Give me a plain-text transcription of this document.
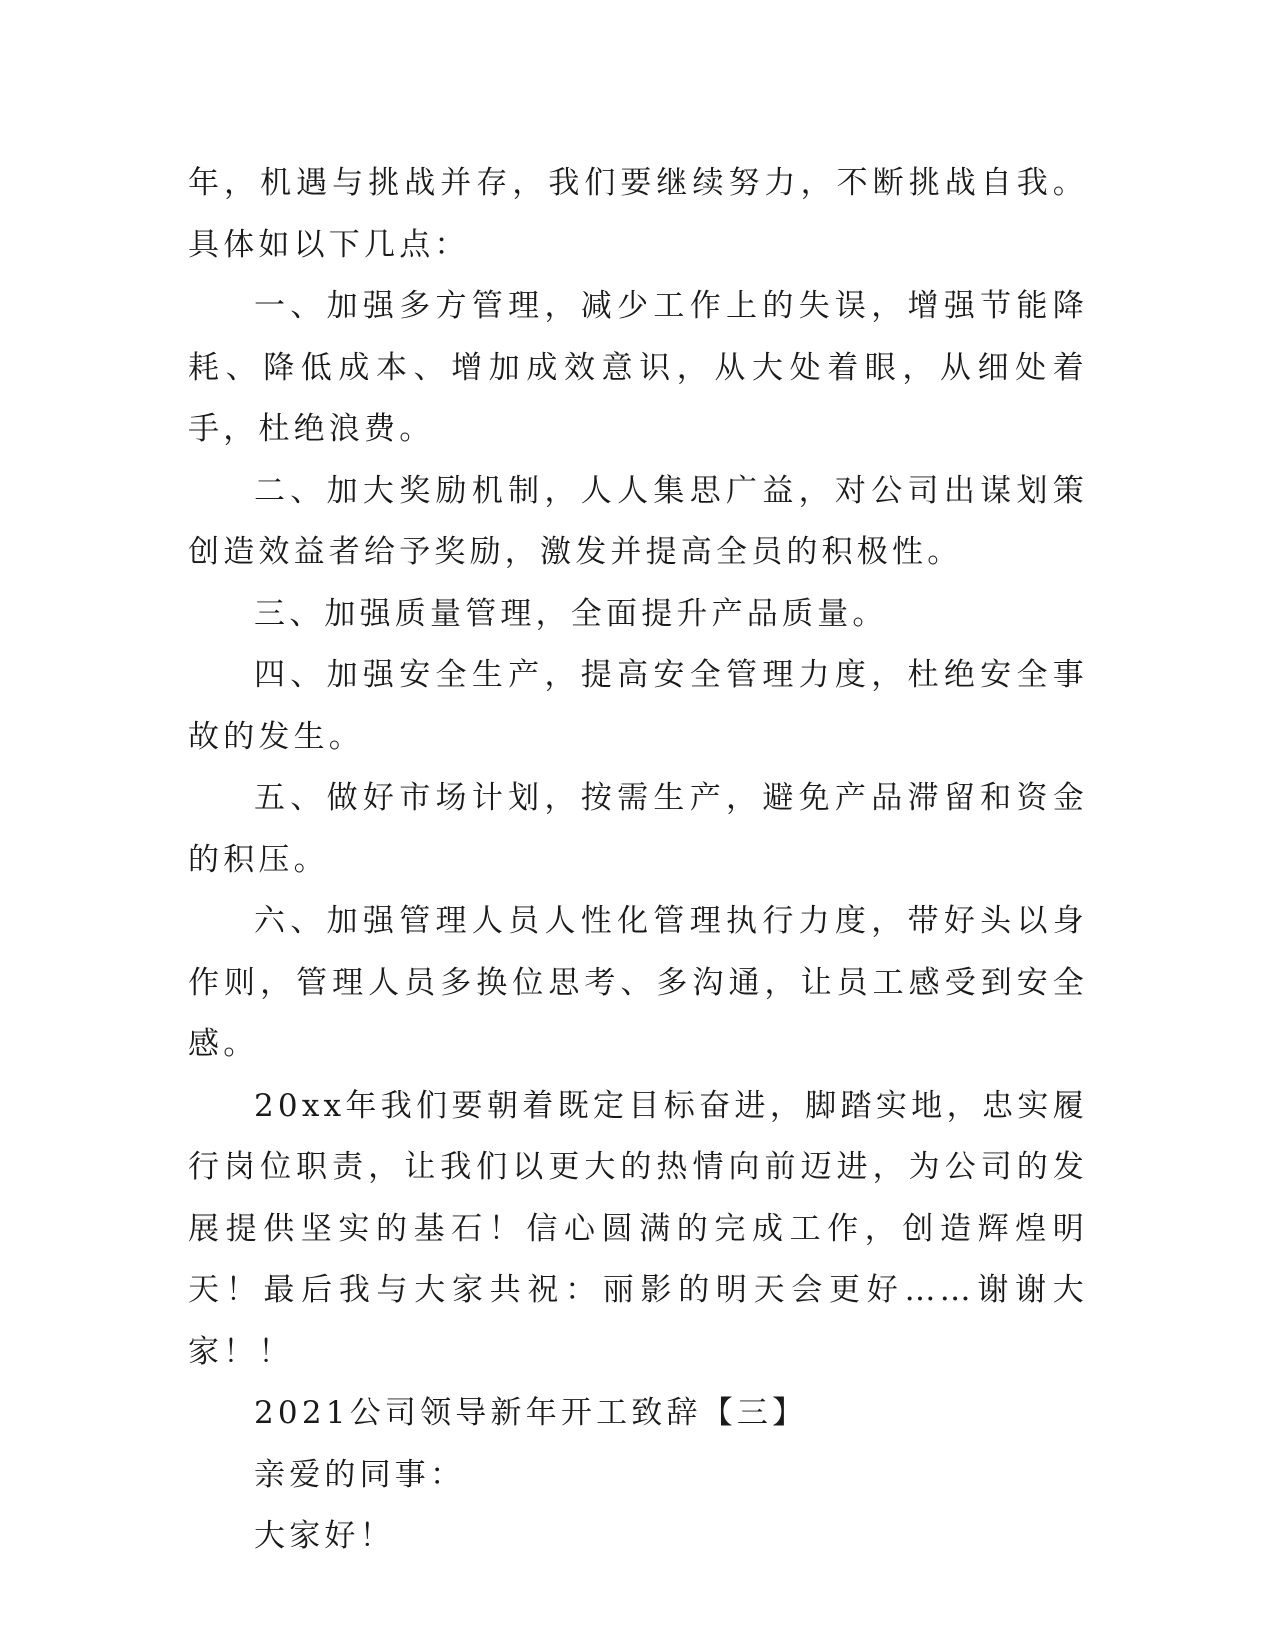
年，机遇与挑战并存，我们要继续努力，不断挑战自我。具体如以下几点：

一、加强多方管理，减少工作上的失误，增强节能降耗、降低成本、增加成效意识，从大处着眼，从细处着手，杜绝浪费。

二、加大奖励机制，人人集思广益，对公司出谋划策创造效益者给予奖励，激发并提高全员的积极性。

三、加强质量管理，全面提升产品质量。

四、加强安全生产，提高安全管理力度，杜绝安全事故的发生。

五、做好市场计划，按需生产，避免产品滞留和资金的积压。

六、加强管理人员人性化管理执行力度，带好头以身作则，管理人员多换位思考、多沟通，让员工感受到安全感。

20xx年我们要朝着既定目标奋进，脚踏实地，忠实履行岗位职责，让我们以更大的热情向前迈进，为公司的发展提供坚实的基石！信心圆满的完成工作，创造辉煌明天！最后我与大家共祝：丽影的明天会更好……谢谢大家！！

2021公司领导新年开工致辞【三】

亲爱的同事：

大家好！
